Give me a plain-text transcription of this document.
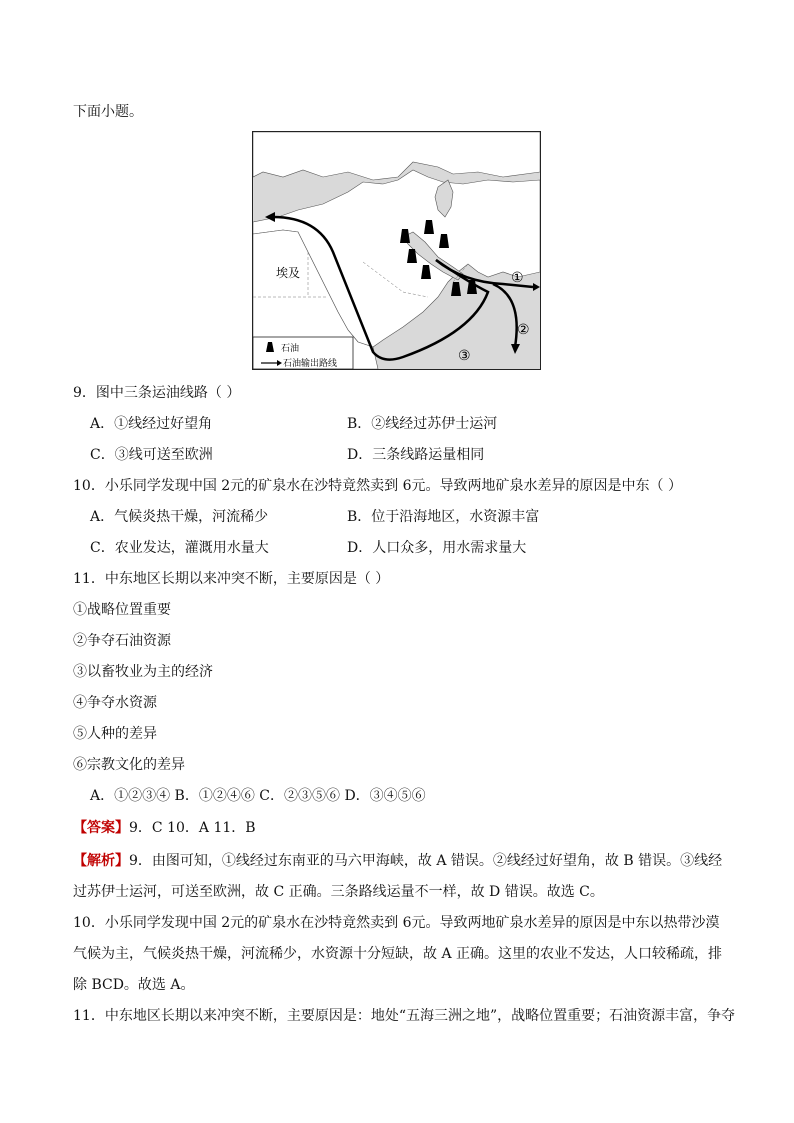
下面小题。
石油
石油输出路线
埃及	①
②
③
9．图中三条运油线路（ ）
A．①线经过好望角	B．②线经过苏伊士运河
C．③线可送至欧洲	D．三条线路运量相同
10．小乐同学发现中国 2元的矿泉水在沙特竟然卖到 6元。导致两地矿泉水差异的原因是中东（ ）
A．气候炎热干燥，河流稀少	B．位于沿海地区，水资源丰富
C．农业发达，灌溉用水量大	D．人口众多，用水需求量大
11．中东地区长期以来冲突不断，主要原因是（ ）
①战略位置重要
②争夺石油资源
③以畜牧业为主的经济
④争夺水资源
⑤人种的差异
⑥宗教文化的差异
A．①②③④ B．①②④⑥ C．②③⑤⑥ D．③④⑤⑥
【答案】9．C 10．A 11．B
【解析】9．由图可知，①线经过东南亚的马六甲海峡，故 A 错误。②线经过好望角，故 B 错误。③线经
过苏伊士运河，可送至欧洲，故 C 正确。三条路线运量不一样，故 D 错误。故选 C。
10．小乐同学发现中国 2元的矿泉水在沙特竟然卖到 6元。导致两地矿泉水差异的原因是中东以热带沙漠
气候为主，气候炎热干燥，河流稀少，水资源十分短缺，故 A 正确。这里的农业不发达，人口较稀疏，排
除 BCD。故选 A。
11．中东地区长期以来冲突不断，主要原因是：地处“五海三洲之地”，战略位置重要；石油资源丰富，争夺
